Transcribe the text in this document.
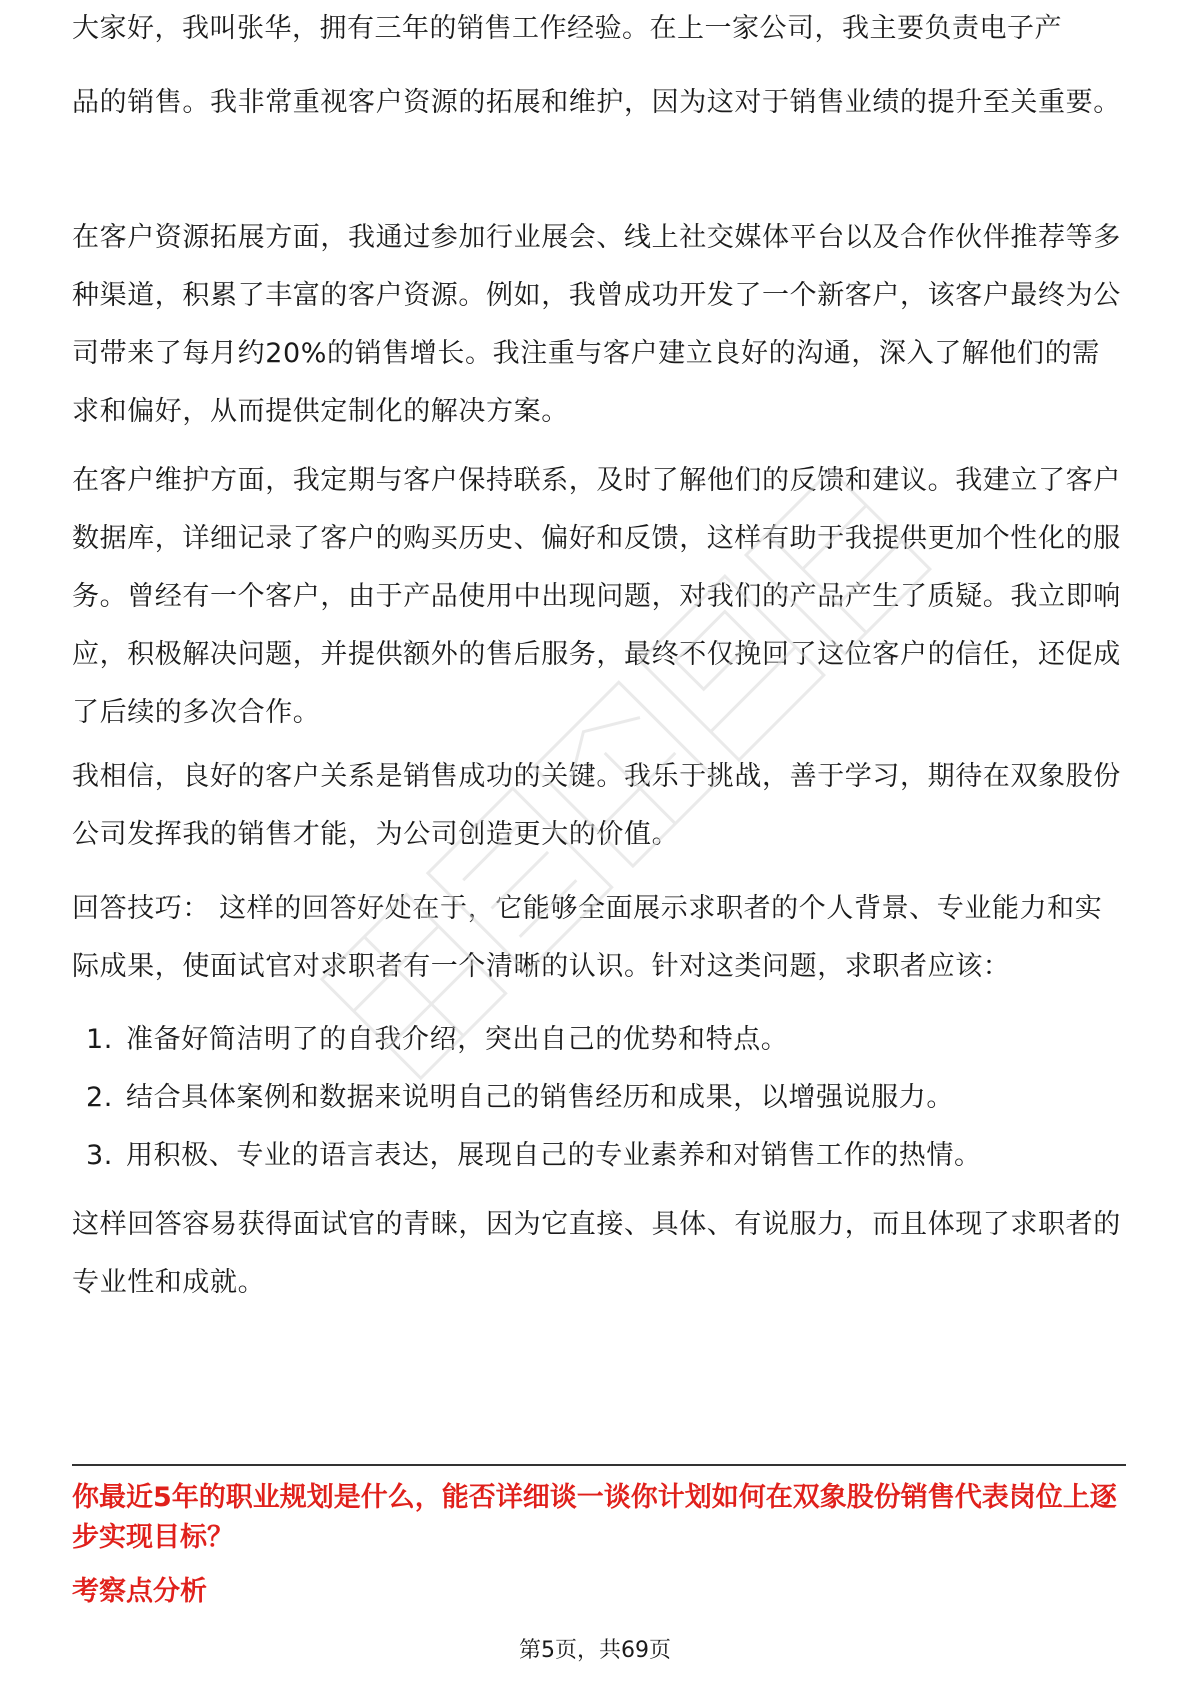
大家好，我叫张华，拥有三年的销售工作经验。在上一家公司，我主要负责电子产

品的销售。我非常重视客户资源的拓展和维护，因为这对于销售业绩的提升至关重要。

在客户资源拓展方面，我通过参加行业展会、线上社交媒体平台以及合作伙伴推荐等多种渠道，积累了丰富的客户资源。例如，我曾成功开发了一个新客户，该客户最终为公司带来了每月约20%的销售增长。我注重与客户建立良好的沟通，深入了解他们的需求和偏好，从而提供定制化的解决方案。

在客户维护方面，我定期与客户保持联系，及时了解他们的反馈和建议。我建立了客户数据库，详细记录了客户的购买历史、偏好和反馈，这样有助于我提供更加个性化的服务。曾经有一个客户，由于产品使用中出现问题，对我们的产品产生了质疑。我立即响应，积极解决问题，并提供额外的售后服务，最终不仅挽回了这位客户的信任，还促成了后续的多次合作。

我相信，良好的客户关系是销售成功的关键。我乐于挑战，善于学习，期待在双象股份公司发挥我的销售才能，为公司创造更大的价值。

回答技巧： 这样的回答好处在于，它能够全面展示求职者的个人背景、专业能力和实际成果，使面试官对求职者有一个清晰的认识。针对这类问题，求职者应该：

1. 准备好简洁明了的自我介绍，突出自己的优势和特点。
2. 结合具体案例和数据来说明自己的销售经历和成果，以增强说服力。
3. 用积极、专业的语言表达，展现自己的专业素养和对销售工作的热情。

这样回答容易获得面试官的青睐，因为它直接、具体、有说服力，而且体现了求职者的专业性和成就。

你最近5年的职业规划是什么，能否详细谈一谈你计划如何在双象股份销售代表岗位上逐步实现目标？

考察点分析

第5页，共69页
